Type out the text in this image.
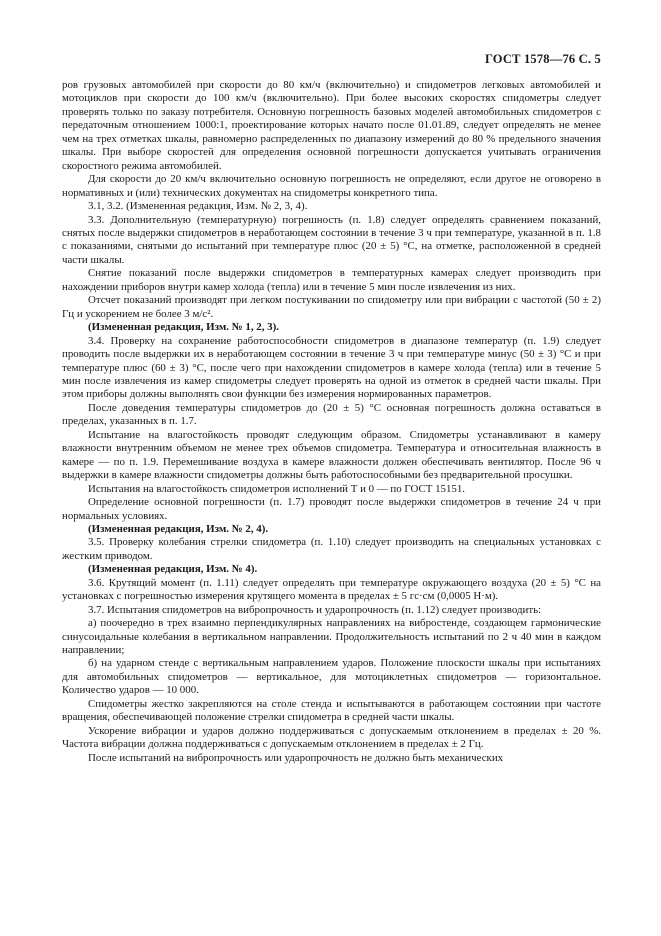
ГОСТ 1578—76 С. 5

ров грузовых автомобилей при скорости до 80 км/ч (включительно) и спидометров легковых автомобилей и мотоциклов при скорости до 100 км/ч (включительно). При более высоких скоростях спидометры следует проверять только по заказу потребителя. Основную погрешность базовых моделей автомобильных спидометров с передаточным отношением 1000:1, проектирование которых начато после 01.01.89, следует определять не менее чем на трех отметках шкалы, равномерно распределенных по диапазону измерений до 80 % предельного значения шкалы. При выборе скоростей для определения основной погрешности допускается учитывать ограничения скоростного режима автомобилей.

Для скорости до 20 км/ч включительно основную погрешность не определяют, если другое не оговорено в нормативных и (или) технических документах на спидометры конкретного типа.

3.1, 3.2. (Измененная редакция, Изм. № 2, 3, 4).

3.3. Дополнительную (температурную) погрешность (п. 1.8) следует определять сравнением показаний, снятых после выдержки спидометров в неработающем состоянии в течение 3 ч при температуре, указанной в п. 1.8 с показаниями, снятыми до испытаний при температуре плюс (20 ± 5) °С, на отметке, расположенной в средней части шкалы.

Снятие показаний после выдержки спидометров в температурных камерах следует производить при нахождении приборов внутри камер холода (тепла) или в течение 5 мин после извлечения из них.

Отсчет показаний производят при легком постукивании по спидометру или при вибрации с частотой (50 ± 2) Гц и ускорением не более 3 м/с².

(Измененная редакция, Изм. № 1, 2, 3).

3.4. Проверку на сохранение работоспособности спидометров в диапазоне температур (п. 1.9) следует проводить после выдержки их в неработающем состоянии в течение 3 ч при температуре минус (50 ± 3) °С и при температуре плюс (60 ± 3) °С, после чего при нахождении спидометров в камере холода (тепла) или в течение 5 мин после извлечения из камер спидометры следует проверять на одной из отметок в средней части шкалы. При этом приборы должны выполнять свои функции без измерения нормированных параметров.

После доведения температуры спидометров до (20 ± 5) °С основная погрешность должна оставаться в пределах, указанных в п. 1.7.

Испытание на влагостойкость проводят следующим образом. Спидометры устанавливают в камеру влажности внутренним объемом не менее трех объемов спидометра. Температура и относительная влажность в камере — по п. 1.9. Перемешивание воздуха в камере влажности должен обеспечивать вентилятор. После 96 ч выдержки в камере влажности спидометры должны быть работоспособными без предварительной просушки.

Испытания на влагостойкость спидометров исполнений Т и 0 — по ГОСТ 15151.

Определение основной погрешности (п. 1.7) проводят после выдержки спидометров в течение 24 ч при нормальных условиях.

(Измененная редакция, Изм. № 2, 4).

3.5. Проверку колебания стрелки спидометра (п. 1.10) следует производить на специальных установках с жестким приводом.

(Измененная редакция, Изм. № 4).

3.6. Крутящий момент (п. 1.11) следует определять при температуре окружающего воздуха (20 ± 5) °С на установках с погрешностью измерения крутящего момента в пределах ± 5 гс·см (0,0005 Н·м).

3.7. Испытания спидометров на вибропрочность и ударопрочность (п. 1.12) следует производить:

а) поочередно в трех взаимно перпендикулярных направлениях на вибростенде, создающем гармонические синусоидальные колебания в вертикальном направлении. Продолжительность испытаний по 2 ч 40 мин в каждом направлении;

б) на ударном стенде с вертикальным направлением ударов. Положение плоскости шкалы при испытаниях для автомобильных спидометров — вертикальное, для мотоциклетных спидометров — горизонтальное. Количество ударов — 10 000.

Спидометры жестко закрепляются на столе стенда и испытываются в работающем состоянии при частоте вращения, обеспечивающей положение стрелки спидометра в средней части шкалы.

Ускорение вибрации и ударов должно поддерживаться с допускаемым отклонением в пределах ± 20 %. Частота вибрации должна поддерживаться с допускаемым отклонением в пределах ± 2 Гц.

После испытаний на вибропрочность или ударопрочность не должно быть механических
